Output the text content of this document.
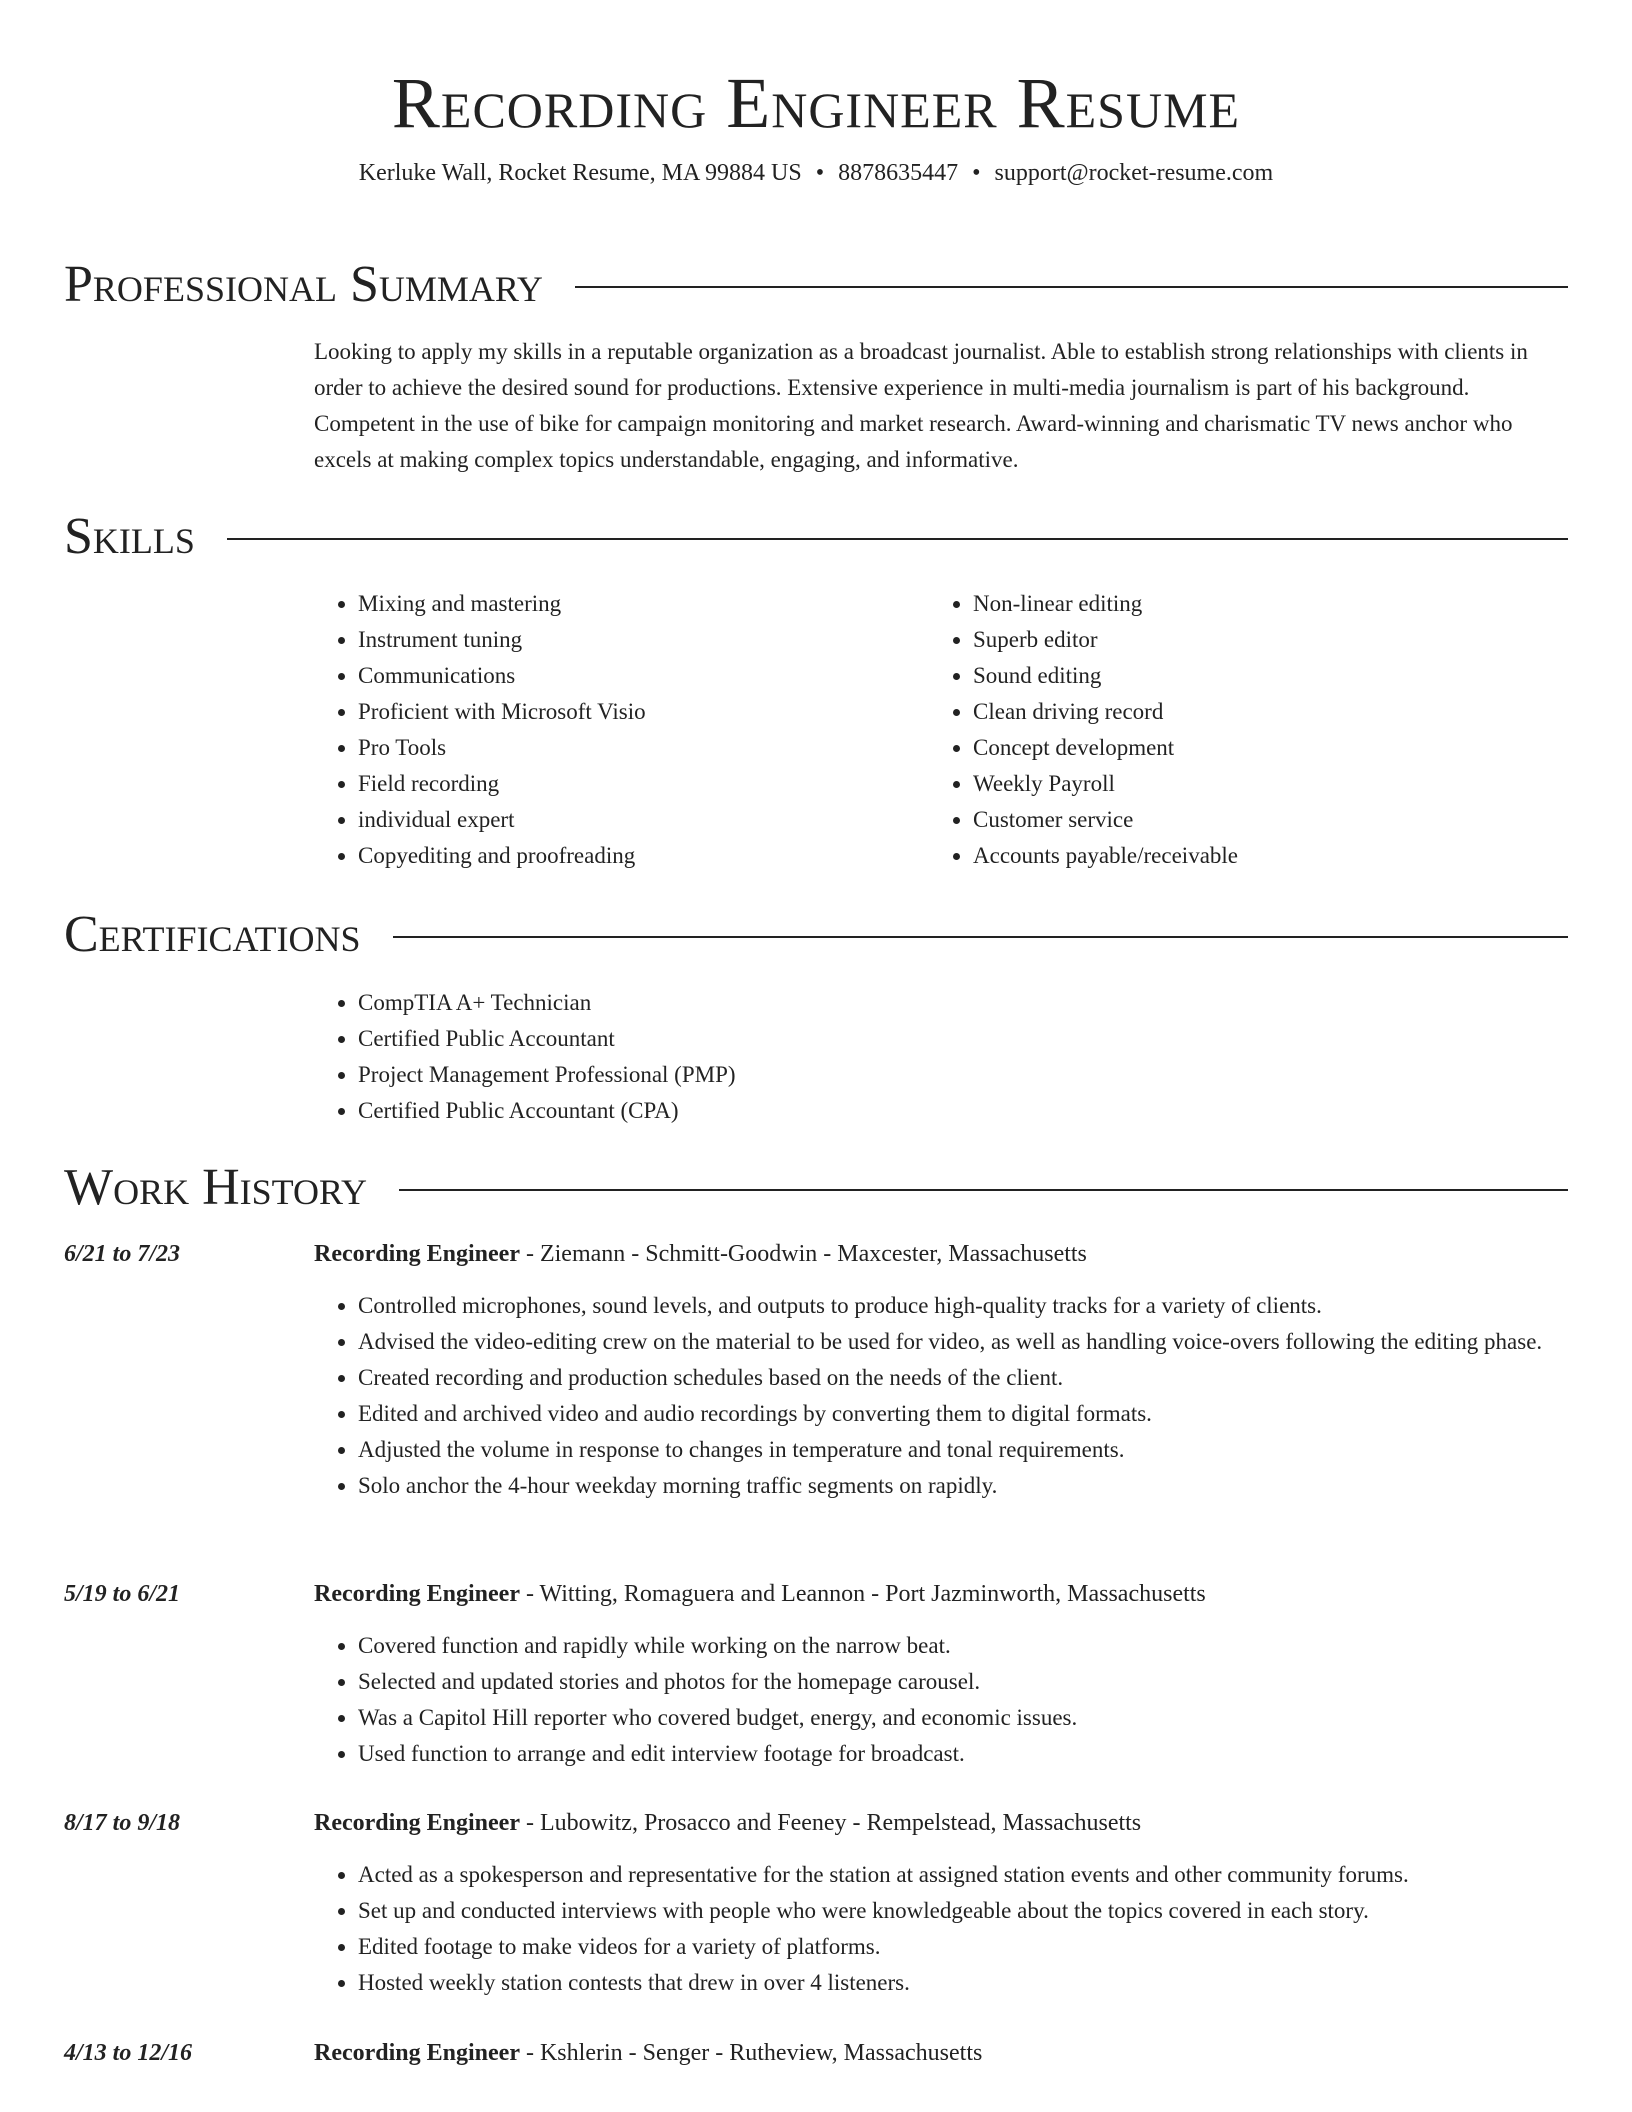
Recording Engineer Resume
Kerluke Wall, Rocket Resume, MA 99884 US • 8878635447 • support@rocket-resume.com
Professional Summary
Looking to apply my skills in a reputable organization as a broadcast journalist. Able to establish strong relationships with clients in order to achieve the desired sound for productions. Extensive experience in multi-media journalism is part of his background. Competent in the use of bike for campaign monitoring and market research. Award-winning and charismatic TV news anchor who excels at making complex topics understandable, engaging, and informative.
Skills
• Mixing and mastering
• Instrument tuning
• Communications
• Proficient with Microsoft Visio
• Pro Tools
• Field recording
• individual expert
• Copyediting and proofreading
• Non-linear editing
• Superb editor
• Sound editing
• Clean driving record
• Concept development
• Weekly Payroll
• Customer service
• Accounts payable/receivable
Certifications
• CompTIA A+ Technician
• Certified Public Accountant
• Project Management Professional (PMP)
• Certified Public Accountant (CPA)
Work History
6/21 to 7/23	Recording Engineer - Ziemann - Schmitt-Goodwin - Maxcester, Massachusetts
• Controlled microphones, sound levels, and outputs to produce high-quality tracks for a variety of clients.
• Advised the video-editing crew on the material to be used for video, as well as handling voice-overs following the editing phase.
• Created recording and production schedules based on the needs of the client.
• Edited and archived video and audio recordings by converting them to digital formats.
• Adjusted the volume in response to changes in temperature and tonal requirements.
• Solo anchor the 4-hour weekday morning traffic segments on rapidly.
5/19 to 6/21	Recording Engineer - Witting, Romaguera and Leannon - Port Jazminworth, Massachusetts
• Covered function and rapidly while working on the narrow beat.
• Selected and updated stories and photos for the homepage carousel.
• Was a Capitol Hill reporter who covered budget, energy, and economic issues.
• Used function to arrange and edit interview footage for broadcast.
8/17 to 9/18	Recording Engineer - Lubowitz, Prosacco and Feeney - Rempelstead, Massachusetts
• Acted as a spokesperson and representative for the station at assigned station events and other community forums.
• Set up and conducted interviews with people who were knowledgeable about the topics covered in each story.
• Edited footage to make videos for a variety of platforms.
• Hosted weekly station contests that drew in over 4 listeners.
4/13 to 12/16	Recording Engineer - Kshlerin - Senger - Rutheview, Massachusetts
